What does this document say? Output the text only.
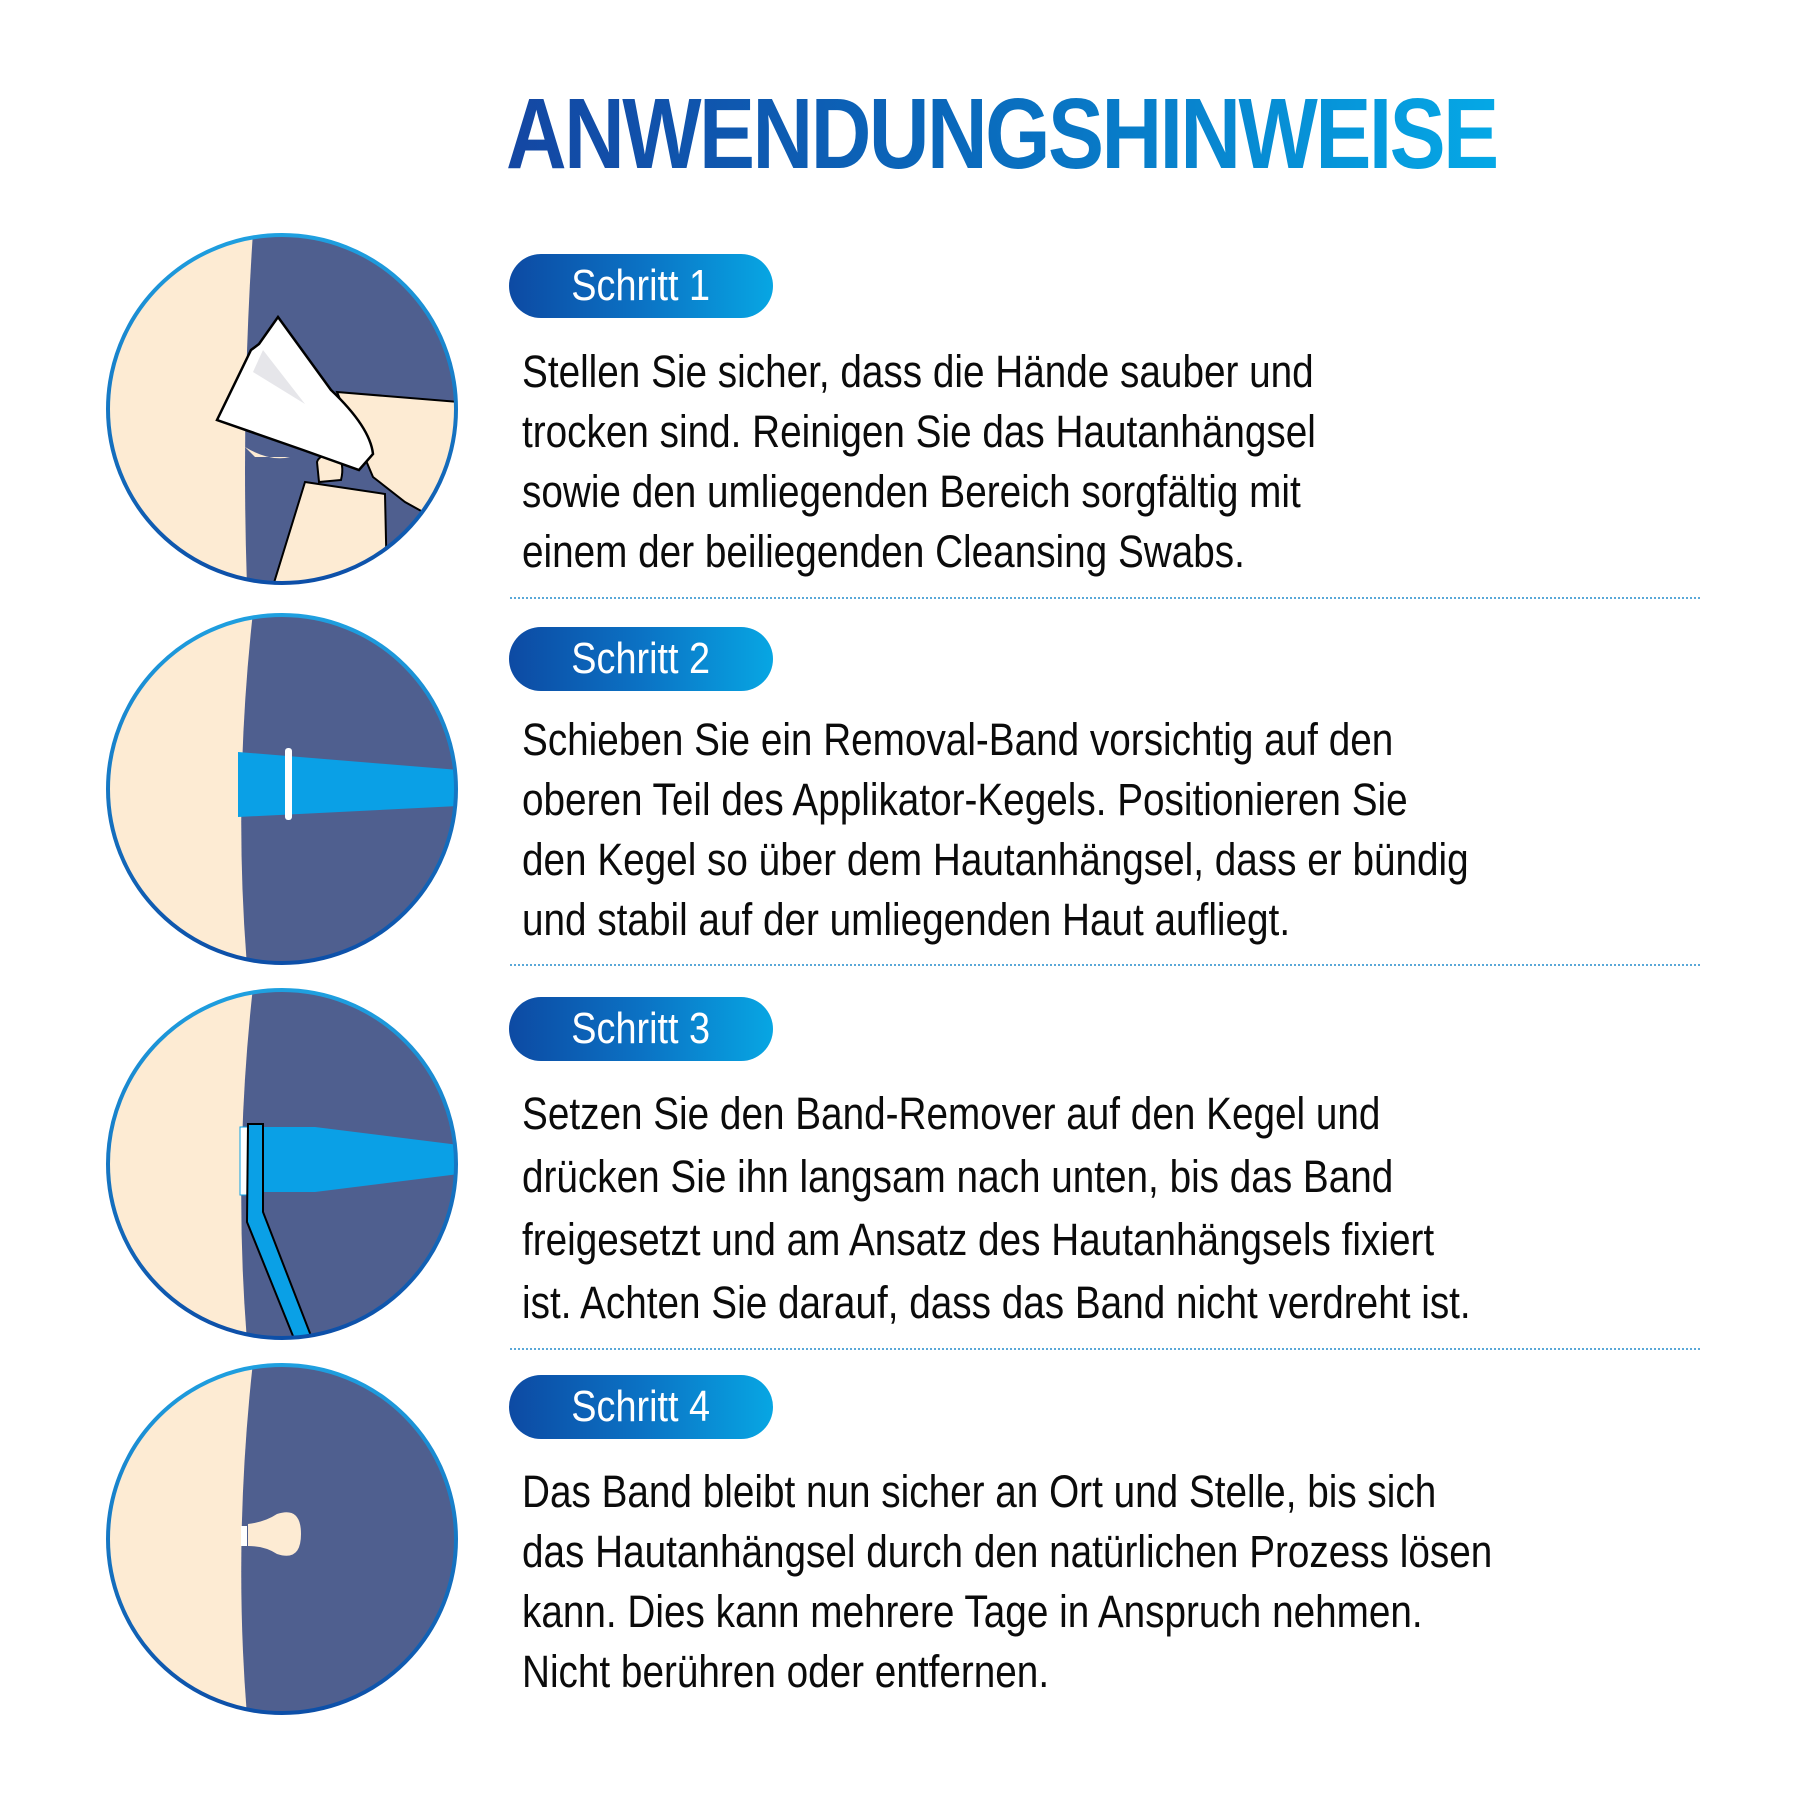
ANWENDUNGSHINWEISE
Schritt 1

Stellen Sie sicher, dass die Hände sauber und
trocken sind. Reinigen Sie das Hautanhängsel
sowie den umliegenden Bereich sorgfältig mit
einem der beiliegenden Cleansing Swabs.

Schritt 2

Schieben Sie ein Removal-Band vorsichtig auf den
oberen Teil des Applikator-Kegels. Positionieren Sie
den Kegel so über dem Hautanhängsel, dass er bündig
und stabil auf der umliegenden Haut aufliegt.

Schritt 3

Setzen Sie den Band-Remover auf den Kegel und
drücken Sie ihn langsam nach unten, bis das Band
freigesetzt und am Ansatz des Hautanhängsels fixiert
ist. Achten Sie darauf, dass das Band nicht verdreht ist.

Schritt 4

Das Band bleibt nun sicher an Ort und Stelle, bis sich
das Hautanhängsel durch den natürlichen Prozess lösen
kann. Dies kann mehrere Tage in Anspruch nehmen.
Nicht berühren oder entfernen.
